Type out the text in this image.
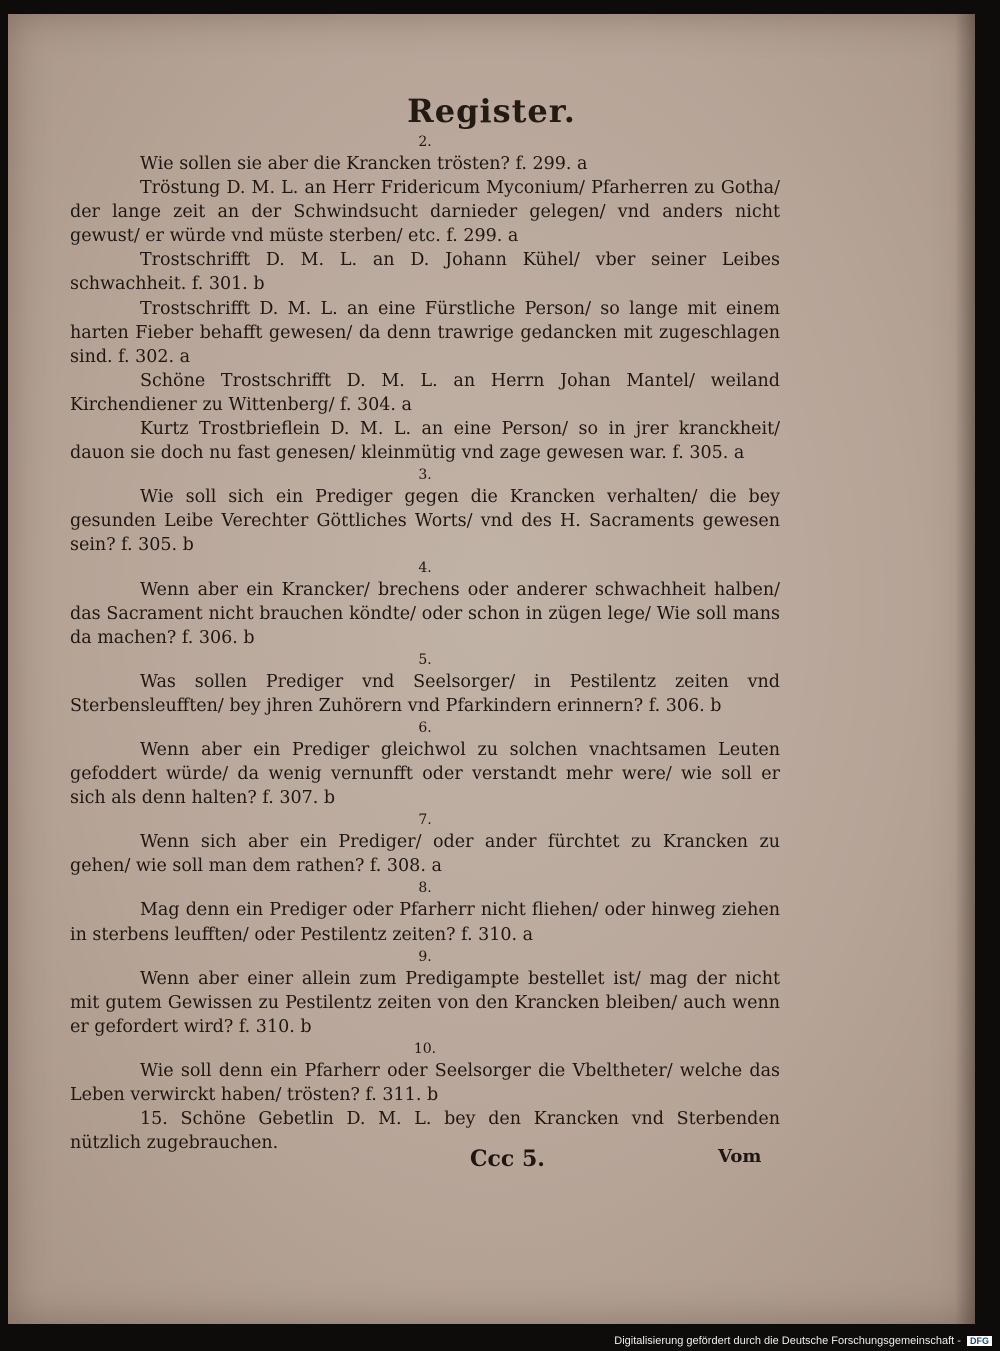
Register.
2.

Wie sollen sie aber die Krancken trösten? f. 299. a

Tröstung D. M. L. an Herr Fridericum Myconium/ Pfarherren zu Gotha/ der lange zeit an der Schwindsucht darnieder gelegen/ vnd anders nicht gewust/ er würde vnd müste sterben/ etc. f. 299. a

Trostschrifft D. M. L. an D. Johann Kühel/ vber seiner Leibes schwachheit. f. 301. b

Trostschrifft D. M. L. an eine Fürstliche Person/ so lange mit einem harten Fieber behafft gewesen/ da denn trawrige gedancken mit zugeschlagen sind. f. 302. a

Schöne Trostschrifft D. M. L. an Herrn Johan Mantel/ weiland Kirchendiener zu Wittenberg/ f. 304. a

Kurtz Trostbrieflein D. M. L. an eine Person/ so in jrer kranckheit/ dauon sie doch nu fast genesen/ kleinmütig vnd zage gewesen war. f. 305. a

3.

Wie soll sich ein Prediger gegen die Krancken verhalten/ die bey gesunden Leibe Verechter Göttliches Worts/ vnd des H. Sacraments gewesen sein? f. 305. b

4.

Wenn aber ein Krancker/ brechens oder anderer schwachheit halben/ das Sacrament nicht brauchen köndte/ oder schon in zügen lege/ Wie soll mans da machen? f. 306. b

5.

Was sollen Prediger vnd Seelsorger/ in Pestilentz zeiten vnd Sterbensleufften/ bey jhren Zuhörern vnd Pfarkindern erinnern? f. 306. b

6.

Wenn aber ein Prediger gleichwol zu solchen vnachtsamen Leuten gefoddert würde/ da wenig vernunfft oder verstandt mehr were/ wie soll er sich als denn halten? f. 307. b

7.

Wenn sich aber ein Prediger/ oder ander fürchtet zu Krancken zu gehen/ wie soll man dem rathen? f. 308. a

8.

Mag denn ein Prediger oder Pfarherr nicht fliehen/ oder hinweg ziehen in sterbens leufften/ oder Pestilentz zeiten? f. 310. a

9.

Wenn aber einer allein zum Predigampte bestellet ist/ mag der nicht mit gutem Gewissen zu Pestilentz zeiten von den Krancken bleiben/ auch wenn er gefordert wird? f. 310. b

10.

Wie soll denn ein Pfarherr oder Seelsorger die Vbeltheter/ welche das Leben verwirckt haben/ trösten? f. 311. b

15. Schöne Gebetlin D. M. L. bey den Krancken vnd Sterbenden nützlich zugebrauchen.

Ccc 5.	Vom
Digitalisierung gefördert durch die Deutsche Forschungsgemeinschaft - DFG
